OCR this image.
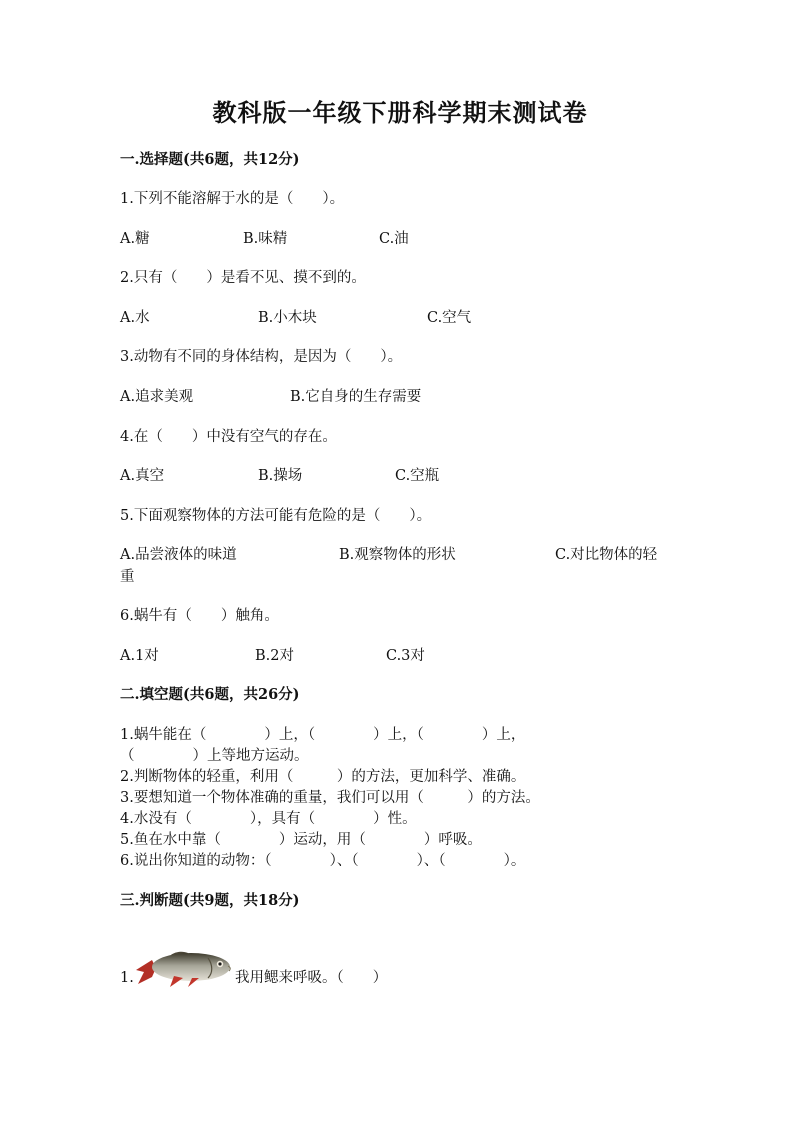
教科版一年级下册科学期末测试卷
一.选择题(共6题，共12分)
1.下列不能溶解于水的是（　　）。
A.糖	B.味精	C.油
2.只有（　　）是看不见、摸不到的。
A.水	B.小木块	C.空气
3.动物有不同的身体结构，是因为（　　）。
A.追求美观	B.它自身的生存需要
4.在（　　）中没有空气的存在。
A.真空	B.操场	C.空瓶
5.下面观察物体的方法可能有危险的是（　　）。
A.品尝液体的味道	B.观察物体的形状	C.对比物体的轻
重
6.蜗牛有（　　）触角。
A.1对	B.2对	C.3对
二.填空题(共6题，共26分)
1.蜗牛能在（　　　　）上，（　　　　）上，（　　　　）上，
（　　　　）上等地方运动。
2.判断物体的轻重，利用（　　　）的方法，更加科学、准确。
3.要想知道一个物体准确的重量，我们可以用（　　　）的方法。
4.水没有（　　　　），具有（　　　　）性。
5.鱼在水中靠（　　　　）运动，用（　　　　）呼吸。
6.说出你知道的动物：（　　　　）、（　　　　）、（　　　　）。
三.判断题(共9题，共18分)
1.	我用鳃来呼吸。（　　）
